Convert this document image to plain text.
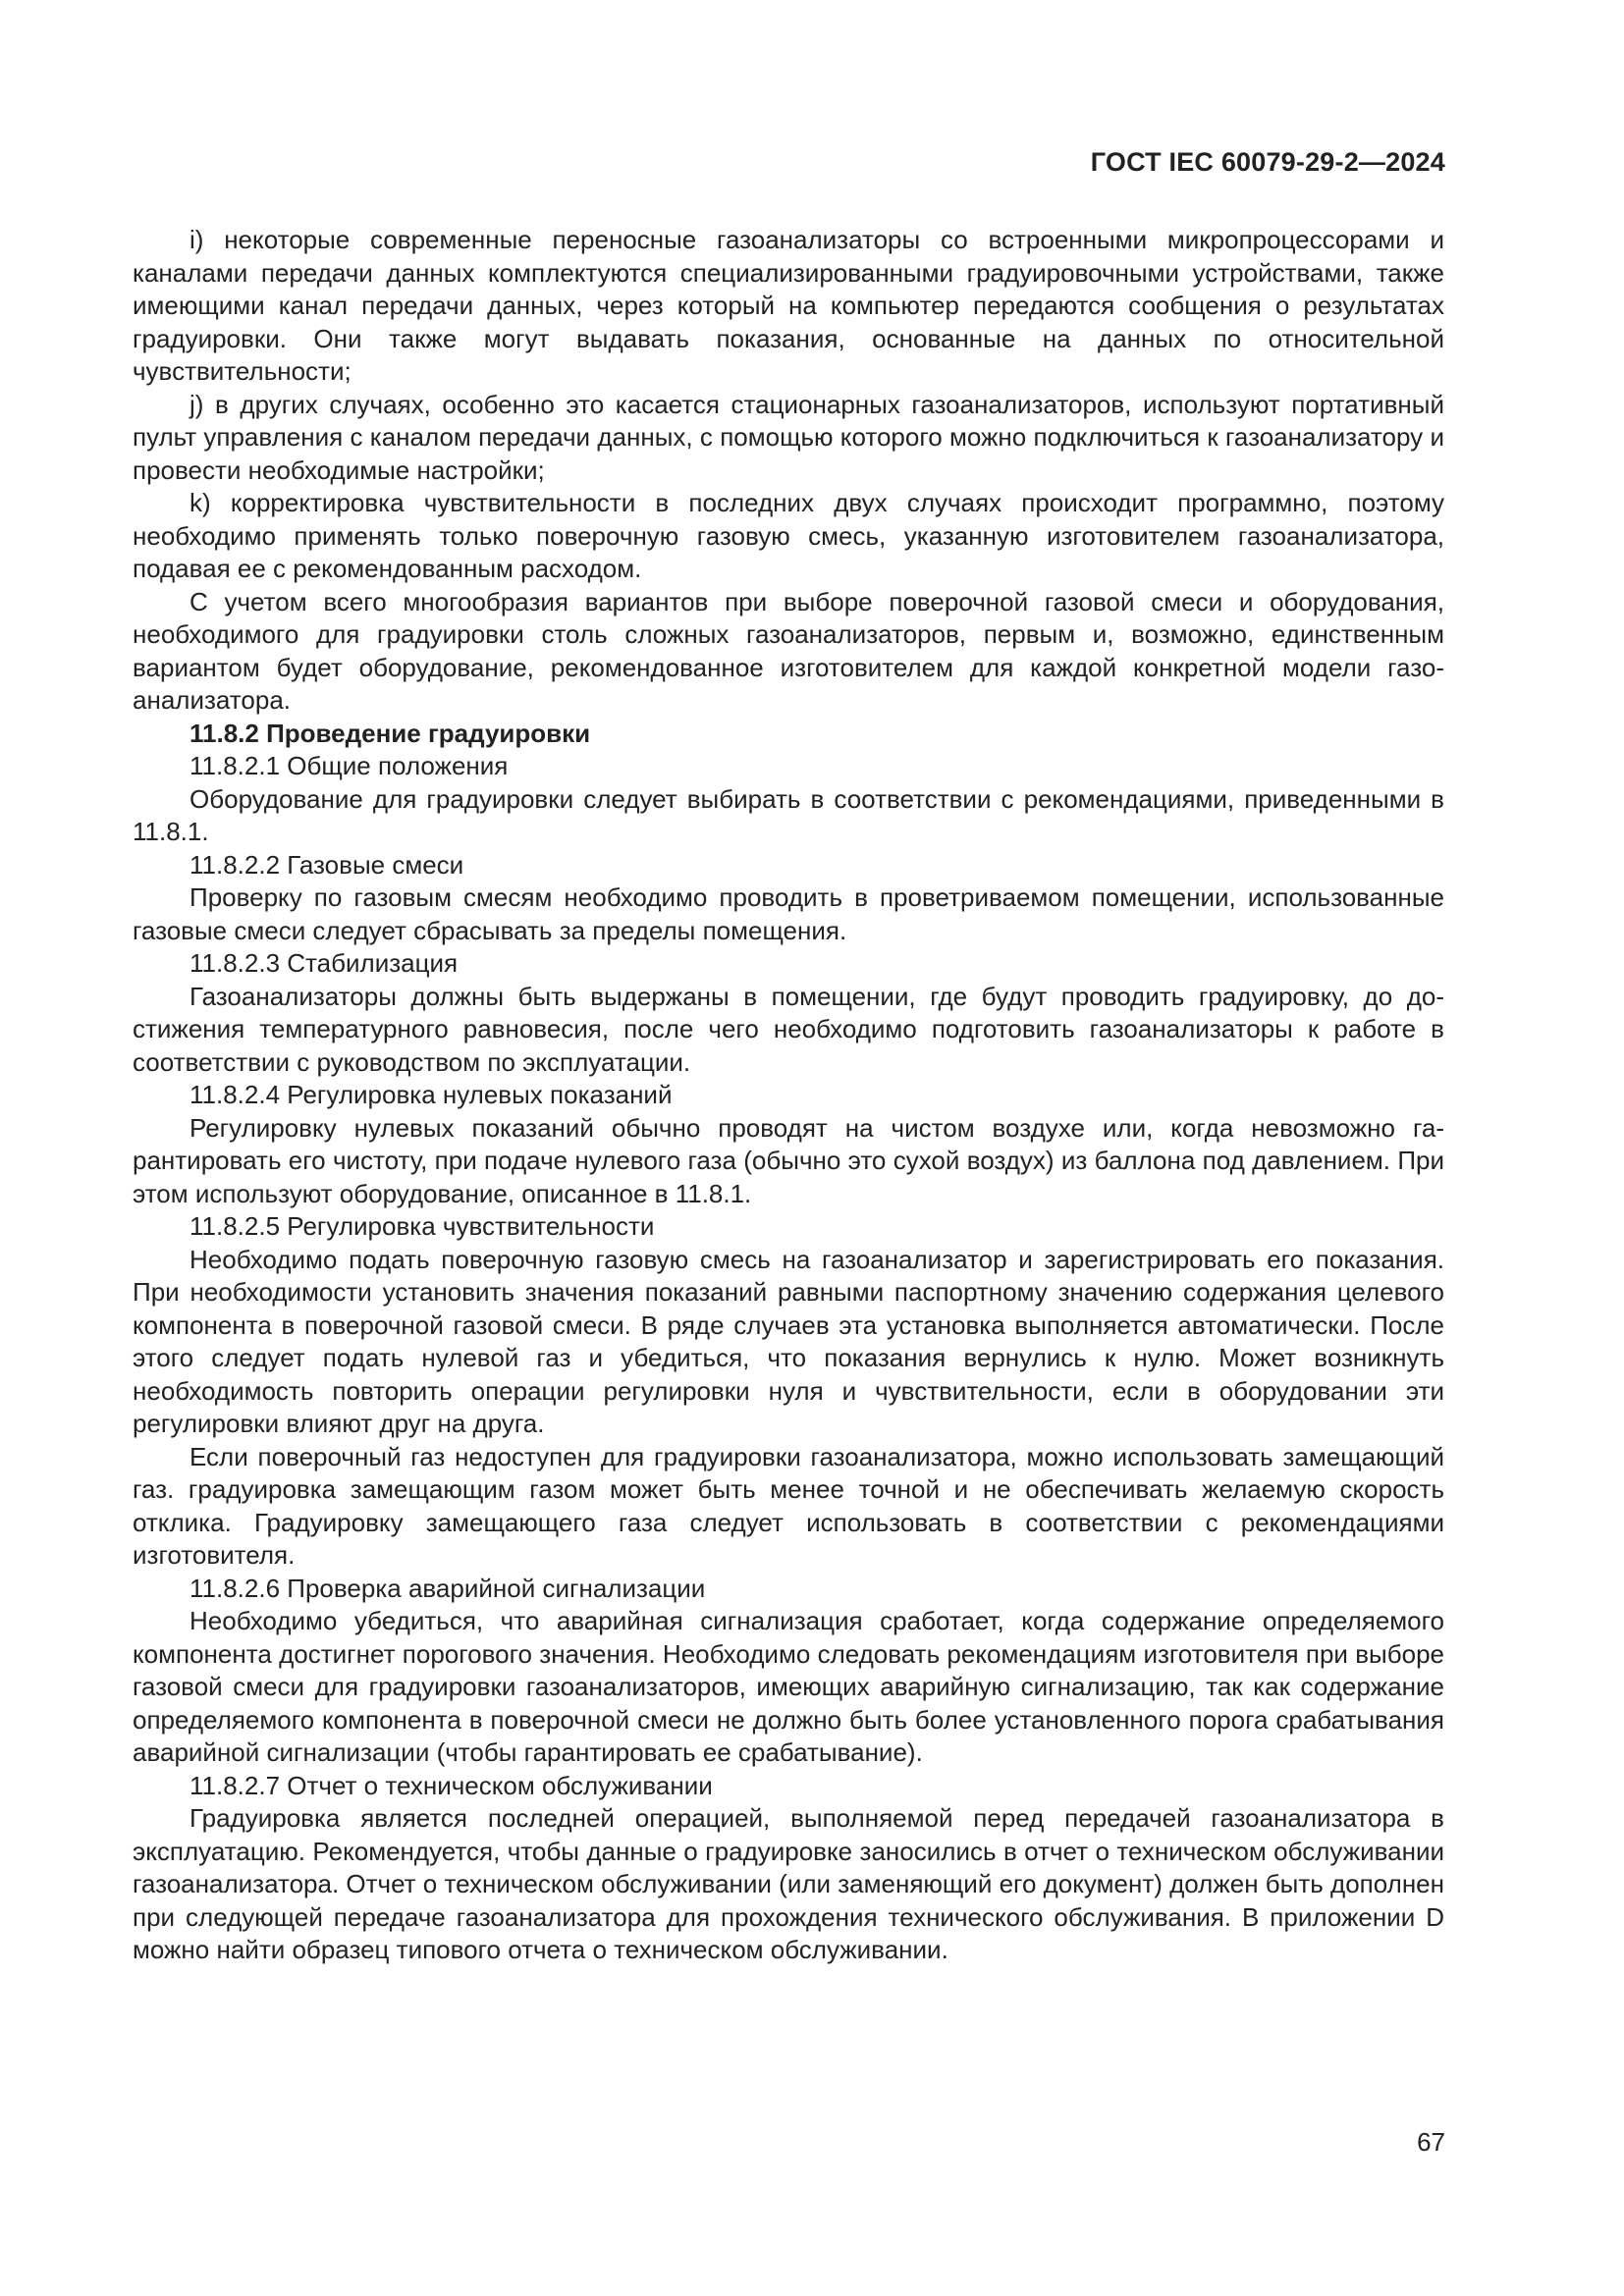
ГОСТ IEC 60079-29-2—2024

i) некоторые современные переносные газоанализаторы со встроенными микропроцессорами и каналами передачи данных комплектуются специализированными градуировочными устройствами, также имеющими канал передачи данных, через который на компьютер передаются сообщения о результатах градуировки. Они также могут выдавать показания, основанные на данных по относительной чувствительности;

j) в других случаях, особенно это касается стационарных газоанализаторов, используют портативный пульт управления с каналом передачи данных, с помощью которого можно подключиться к газоанализатору и провести необходимые настройки;

k) корректировка чувствительности в последних двух случаях происходит программно, поэтому необходимо применять только поверочную газовую смесь, указанную изготовителем газоанализатора, подавая ее с рекомендованным расходом.

С учетом всего многообразия вариантов при выборе поверочной газовой смеси и оборудования, необходимого для градуировки столь сложных газоанализаторов, первым и, возможно, единственным вариантом будет оборудование, рекомендованное изготовителем для каждой конкретной модели газоанализатора.

11.8.2 Проведение градуировки

11.8.2.1 Общие положения

Оборудование для градуировки следует выбирать в соответствии с рекомендациями, приведенными в 11.8.1.

11.8.2.2 Газовые смеси

Проверку по газовым смесям необходимо проводить в проветриваемом помещении, использованные газовые смеси следует сбрасывать за пределы помещения.

11.8.2.3 Стабилизация

Газоанализаторы должны быть выдержаны в помещении, где будут проводить градуировку, до достижения температурного равновесия, после чего необходимо подготовить газоанализаторы к работе в соответствии с руководством по эксплуатации.

11.8.2.4 Регулировка нулевых показаний

Регулировку нулевых показаний обычно проводят на чистом воздухе или, когда невозможно гарантировать его чистоту, при подаче нулевого газа (обычно это сухой воздух) из баллона под давлением. При этом используют оборудование, описанное в 11.8.1.

11.8.2.5 Регулировка чувствительности

Необходимо подать поверочную газовую смесь на газоанализатор и зарегистрировать его показания. При необходимости установить значения показаний равными паспортному значению содержания целевого компонента в поверочной газовой смеси. В ряде случаев эта установка выполняется автоматически. После этого следует подать нулевой газ и убедиться, что показания вернулись к нулю. Может возникнуть необходимость повторить операции регулировки нуля и чувствительности, если в оборудовании эти регулировки влияют друг на друга.

Если поверочный газ недоступен для градуировки газоанализатора, можно использовать замещающий газ. градуировка замещающим газом может быть менее точной и не обеспечивать желаемую скорость отклика. Градуировку замещающего газа следует использовать в соответствии с рекомендациями изготовителя.

11.8.2.6 Проверка аварийной сигнализации

Необходимо убедиться, что аварийная сигнализация сработает, когда содержание определяемого компонента достигнет порогового значения. Необходимо следовать рекомендациям изготовителя при выборе газовой смеси для градуировки газоанализаторов, имеющих аварийную сигнализацию, так как содержание определяемого компонента в поверочной смеси не должно быть более установленного порога срабатывания аварийной сигнализации (чтобы гарантировать ее срабатывание).

11.8.2.7 Отчет о техническом обслуживании

Градуировка является последней операцией, выполняемой перед передачей газоанализатора в эксплуатацию. Рекомендуется, чтобы данные о градуировке заносились в отчет о техническом обслуживании газоанализатора. Отчет о техническом обслуживании (или заменяющий его документ) должен быть дополнен при следующей передаче газоанализатора для прохождения технического обслуживания. В приложении D можно найти образец типового отчета о техническом обслуживании.

67
